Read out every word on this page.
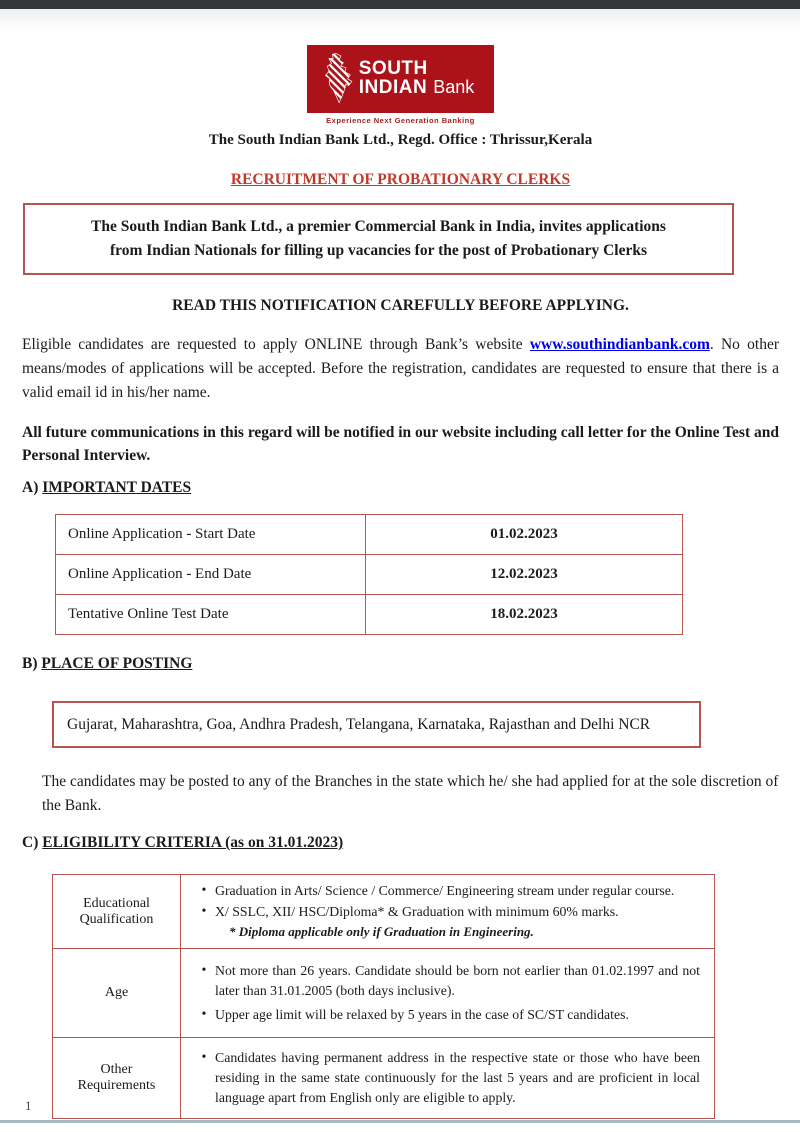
SOUTH
INDIAN Bank
Experience Next Generation Banking
The South Indian Bank Ltd., Regd. Office : Thrissur,Kerala
RECRUITMENT OF PROBATIONARY CLERKS
The South Indian Bank Ltd., a premier Commercial Bank in India, invites applications from Indian Nationals for filling up vacancies for the post of Probationary Clerks
READ THIS NOTIFICATION CAREFULLY BEFORE APPLYING.
Eligible candidates are requested to apply ONLINE through Bank’s website www.southindianbank.com. No other means/modes of applications will be accepted. Before the registration, candidates are requested to ensure that there is a valid email id in his/her name.
All future communications in this regard will be notified in our website including call letter for the Online Test and Personal Interview.
A) IMPORTANT DATES
Online Application - Start Date	01.02.2023
Online Application - End Date	12.02.2023
Tentative Online Test Date	18.02.2023
B) PLACE OF POSTING
Gujarat, Maharashtra, Goa, Andhra Pradesh, Telangana, Karnataka, Rajasthan and Delhi NCR
The candidates may be posted to any of the Branches in the state which he/ she had applied for at the sole discretion of the Bank.
C) ELIGIBILITY CRITERIA (as on 31.01.2023)
Educational Qualification	• Graduation in Arts/ Science / Commerce/ Engineering stream under regular course.
• X/ SSLC, XII/ HSC/Diploma* & Graduation with minimum 60% marks.
* Diploma applicable only if Graduation in Engineering.

Age	• Not more than 26 years. Candidate should be born not earlier than 01.02.1997 and not later than 31.01.2005 (both days inclusive).
• Upper age limit will be relaxed by 5 years in the case of SC/ST candidates.

Other Requirements	• Candidates having permanent address in the respective state or those who have been residing in the same state continuously for the last 5 years and are proficient in local language apart from English only are eligible to apply.
1
